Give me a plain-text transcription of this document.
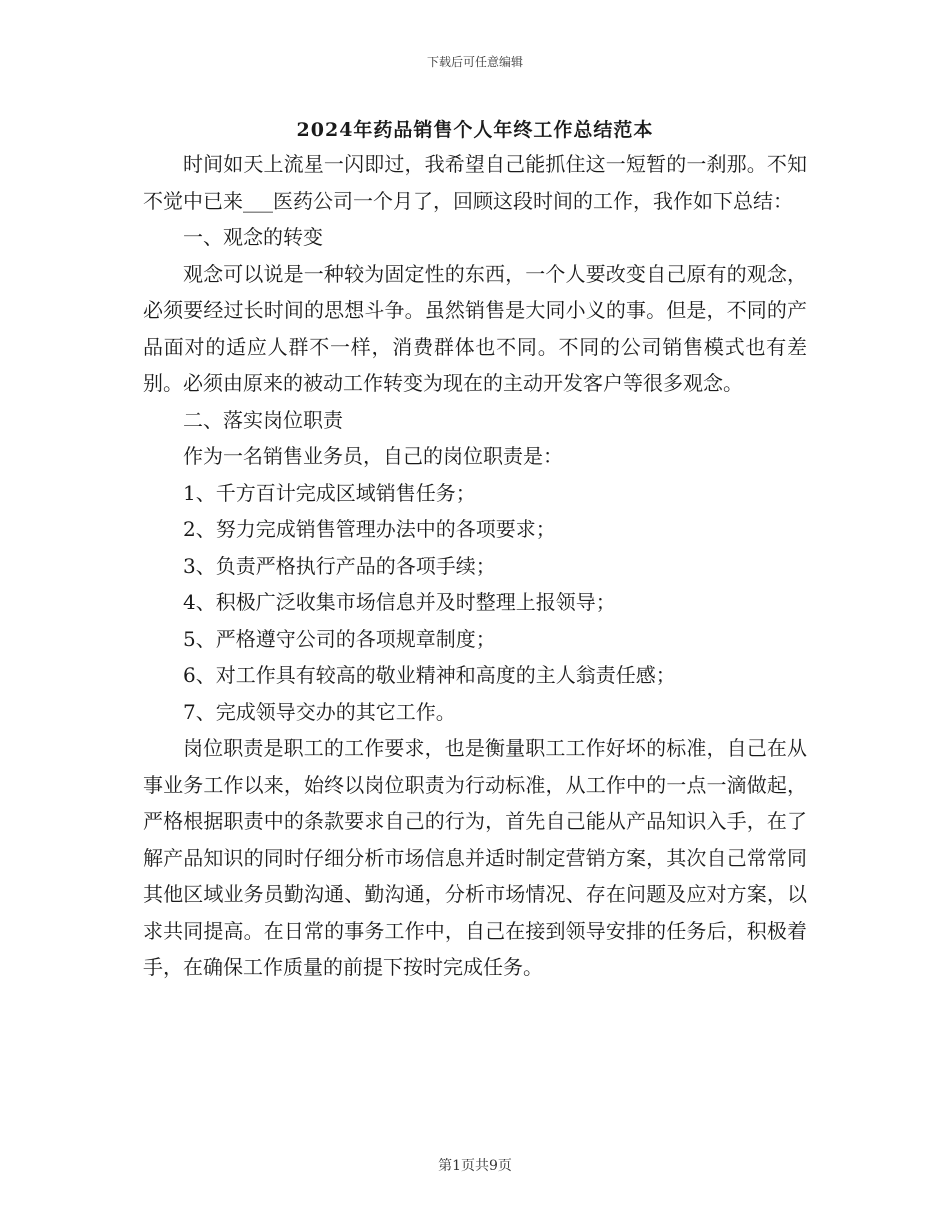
下载后可任意编辑
2024年药品销售个人年终工作总结范本

时间如天上流星一闪即过，我希望自己能抓住这一短暂的一刹那。不知不觉中已来___医药公司一个月了，回顾这段时间的工作，我作如下总结：

一、观念的转变

观念可以说是一种较为固定性的东西，一个人要改变自己原有的观念，必须要经过长时间的思想斗争。虽然销售是大同小义的事。但是，不同的产品面对的适应人群不一样，消费群体也不同。不同的公司销售模式也有差别。必须由原来的被动工作转变为现在的主动开发客户等很多观念。

二、落实岗位职责

作为一名销售业务员，自己的岗位职责是：

1、千方百计完成区域销售任务；

2、努力完成销售管理办法中的各项要求；

3、负责严格执行产品的各项手续；

4、积极广泛收集市场信息并及时整理上报领导；

5、严格遵守公司的各项规章制度；

6、对工作具有较高的敬业精神和高度的主人翁责任感；

7、完成领导交办的其它工作。

岗位职责是职工的工作要求，也是衡量职工工作好坏的标准，自己在从事业务工作以来，始终以岗位职责为行动标准，从工作中的一点一滴做起，严格根据职责中的条款要求自己的行为，首先自己能从产品知识入手，在了解产品知识的同时仔细分析市场信息并适时制定营销方案，其次自己常常同其他区域业务员勤沟通、勤沟通，分析市场情况、存在问题及应对方案，以求共同提高。在日常的事务工作中，自己在接到领导安排的任务后，积极着手，在确保工作质量的前提下按时完成任务。

第1页共9页
